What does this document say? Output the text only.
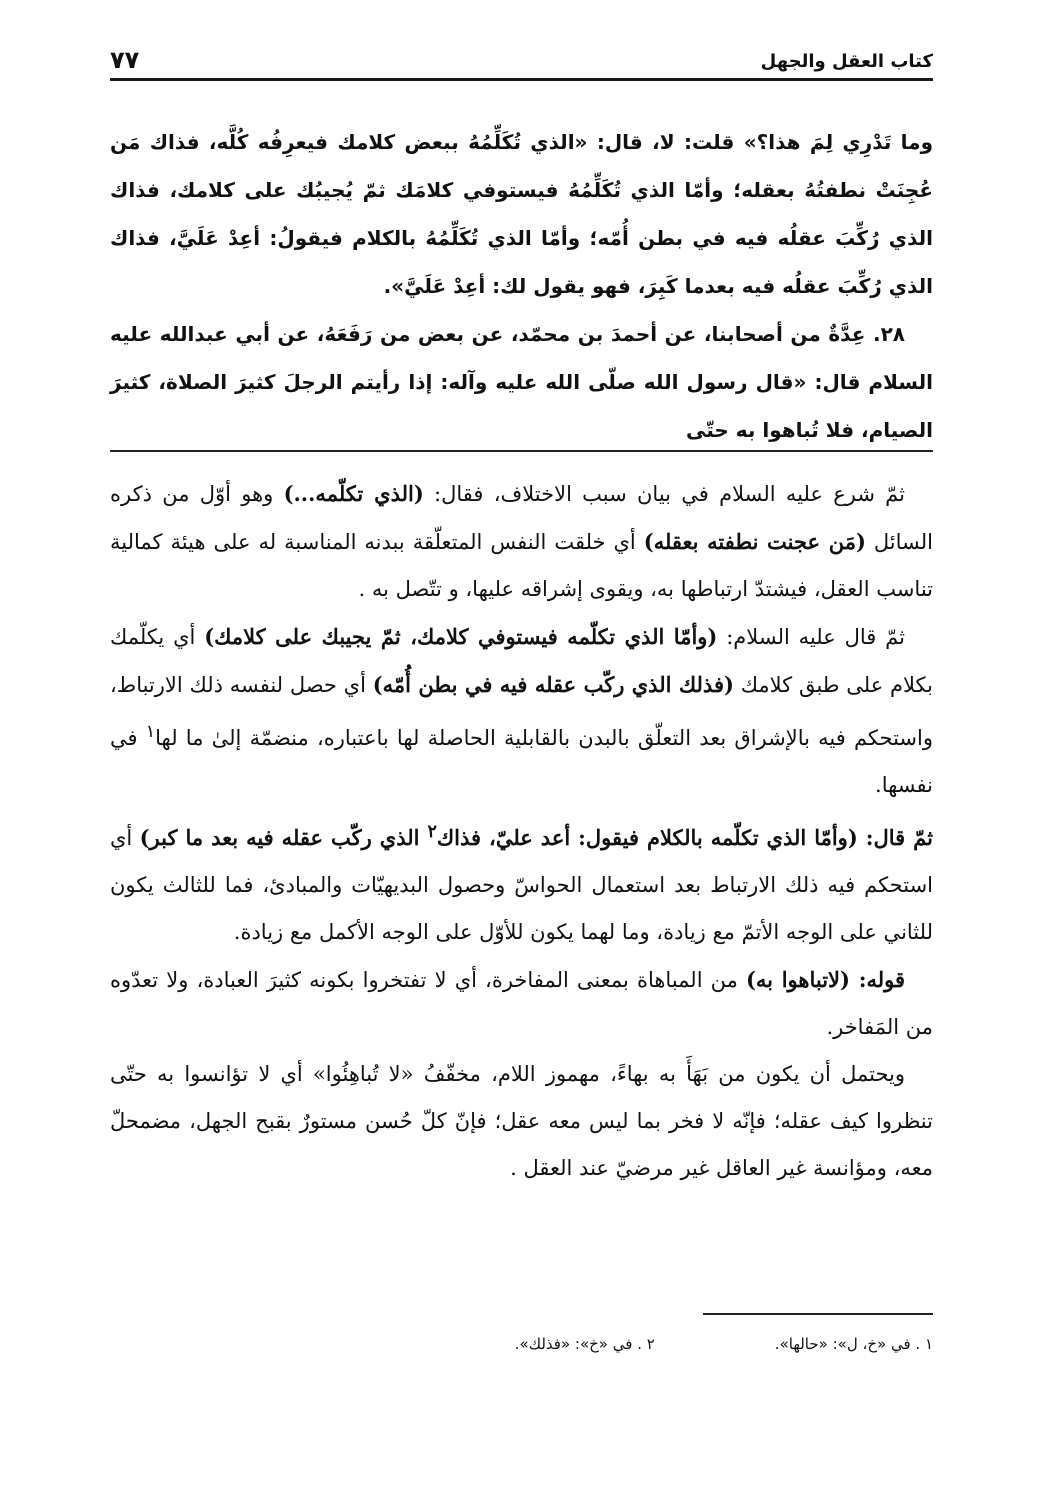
كتاب العقل والجهل
٧٧

وما تَدْرِي لِمَ هذا؟» قلت: لا، قال: «الذي تُكَلِّمُهُ ببعض كلامك فيعرِفُه كُلَّه، فذاك مَن عُجِنَتْ نطفتُهُ بعقله؛ وأمّا الذي تُكَلِّمُهُ فيستوفي كلامَك ثمّ يُجيبُك على كلامك، فذاك الذي رُكِّبَ عقلُه فيه في بطن أُمّه؛ وأمّا الذي تُكَلِّمُهُ بالكلام فيقولُ: أعِدْ عَلَيَّ، فذاك الذي رُكِّبَ عقلُه فيه بعدما كَبِرَ، فهو يقول لك: أعِدْ عَلَيَّ».

٢٨. عِدَّةٌ من أصحابنا، عن أحمدَ بن محمّد، عن بعض من رَفَعَهُ، عن أبي عبدالله عليه السلام قال: «قال رسول الله صلّى الله عليه وآله: إذا رأيتم الرجلَ كثيرَ الصلاة، كثيرَ الصيام، فلا تُباهوا به حتّى

ثمّ شرع عليه السلام في بيان سبب الاختلاف، فقال: (الذي تكلّمه...) وهو أوّل من ذكره السائل (مَن عجنت نطفته بعقله) أي خلقت النفس المتعلّقة ببدنه المناسبة له على هيئة كمالية تناسب العقل، فيشتدّ ارتباطها به، ويقوى إشراقه عليها، و تتّصل به .

ثمّ قال عليه السلام: (وأمّا الذي تكلّمه فيستوفي كلامك، ثمّ يجيبك على كلامك) أي يكلّمك بكلام على طبق كلامك (فذلك الذي ركّب عقله فيه في بطن أُمّه) أي حصل لنفسه ذلك الارتباط، واستحكم فيه بالإشراق بعد التعلّق بالبدن بالقابلية الحاصلة لها باعتباره، منضمّة إلىٰ ما لها$^١$ في نفسها.

ثمّ قال: (وأمّا الذي تكلّمه بالكلام فيقول: أعد عليّ، فذاك$^٢$ الذي ركّب عقله فيه بعد ما كبر) أي استحكم فيه ذلك الارتباط بعد استعمال الحواسّ وحصول البديهيّات والمبادئ، فما للثالث يكون للثاني على الوجه الأتمّ مع زيادة، وما لهما يكون للأوّل على الوجه الأكمل مع زيادة.

قوله: (لاتباهوا به) من المباهاة بمعنى المفاخرة، أي لا تفتخروا بكونه كثيرَ العبادة، ولا تعدّوه من المَفاخر.

ويحتمل أن يكون من بَهَأَ به بهاءً، مهموز اللام، مخفّفُ «لا تُباهِئُوا» أي لا تؤانسوا به حتّى تنظروا كيف عقله؛ فإنّه لا فخر بما ليس معه عقل؛ فإنّ كلّ حُسن مستورٌ بقبح الجهل، مضمحلّ معه، ومؤانسة غير العاقل غير مرضيّ عند العقل .

١ . في «خ، ل»: «حالها».
٢ . في «خ»: «فذلك».
